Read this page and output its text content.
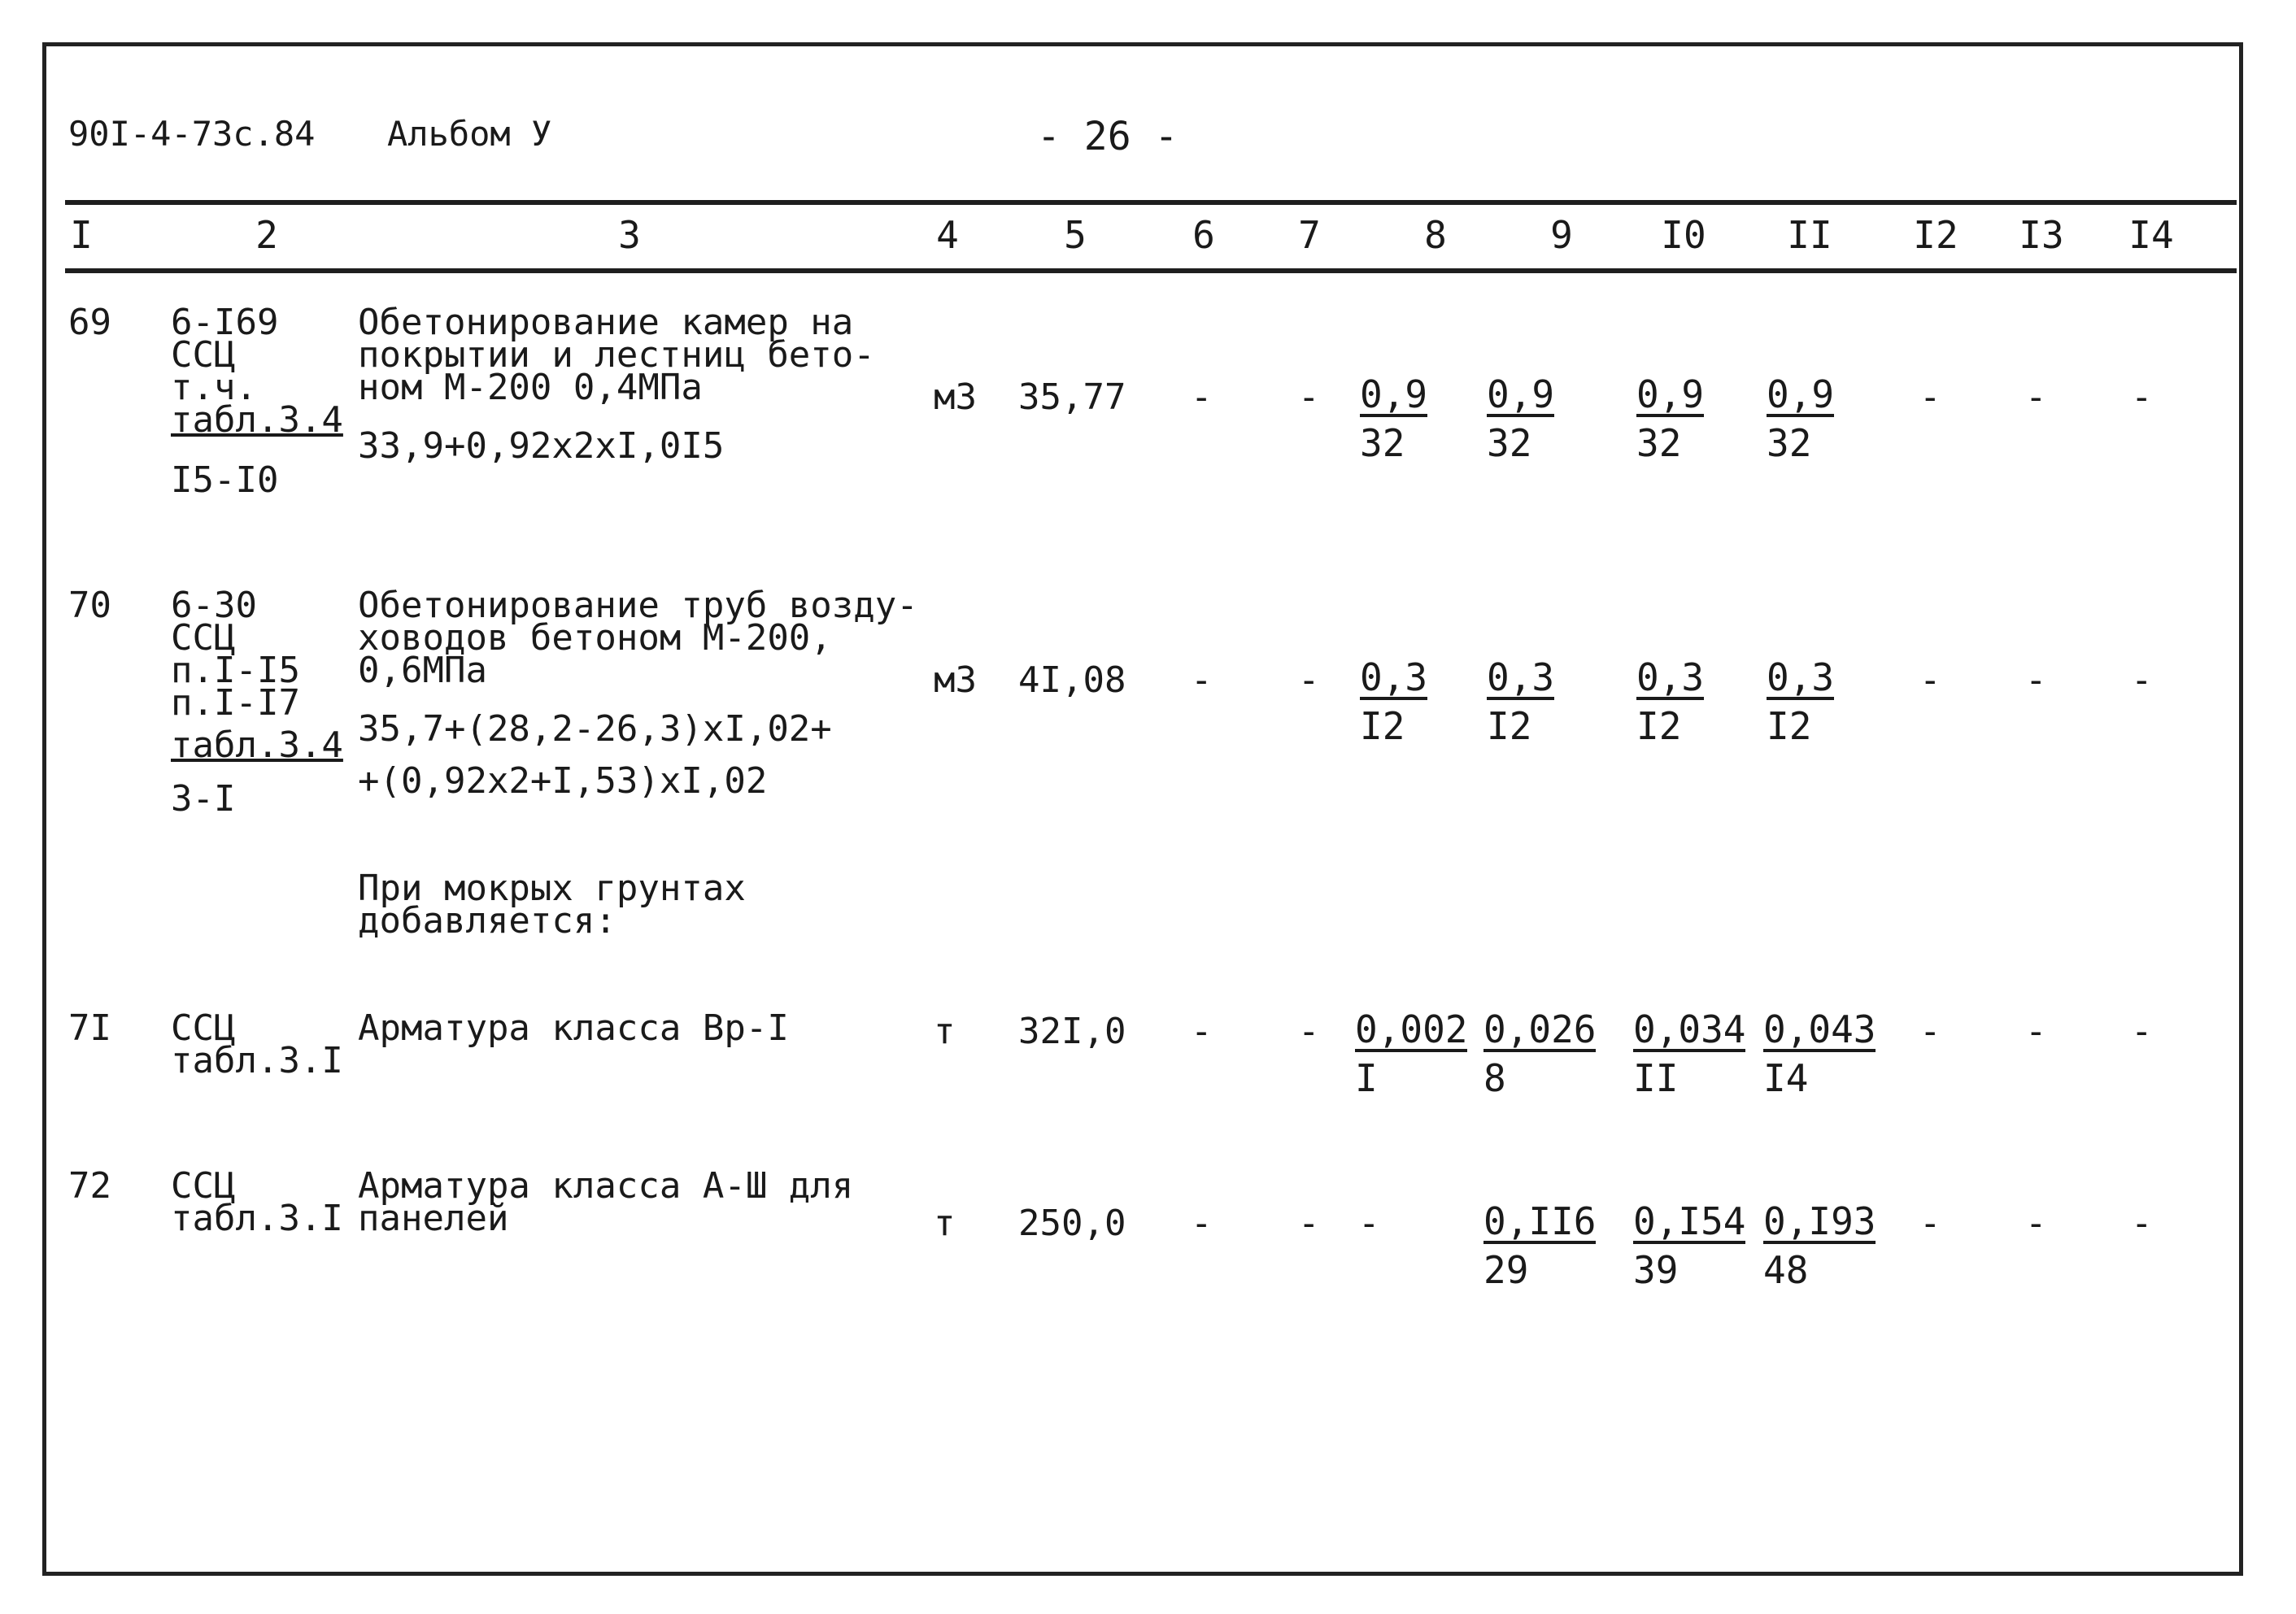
90I-4-7Зс.84 Альбом У	- 26 -
I	2	3	4	5	6	7	8	9	I0	II	I2	I3	I4
69 6-I69
ССЦ
т.ч.
табл.3.4
I5-I0
Обетонирование камер на
покрытии и лестниц бето-
ном М-200 0,4МПа
33,9+0,92х2хI,0I5
м3 35,77 - - $\frac{0,9}{32} \frac{0,9}{32} \frac{0,9}{32} \frac{0,9}{32}$ - - -
70 6-30
ССЦ
п.I-I5
п.I-I7
табл.3.4
3-I
Обетонирование труб возду-
ховодов бетоном М-200,
0,6МПа
35,7+(28,2-26,3)хI,02+
+(0,92х2+I,53)хI,02
м3 4I,08 - - $\frac{0,3}{I2} \frac{0,3}{I2} \frac{0,3}{I2} \frac{0,3}{I2}$ - - -
При мокрых грунтах
добавляется:
7I ССЦ
табл.3.I
Арматура класса Вр-I	т 32I,0 - - $\frac{0,002}{I} \frac{0,026}{8} \frac{0,034}{II} \frac{0,043}{I4}$ - - -
72 ССЦ
табл.3.I
Арматура класса А-Ш для
панелей	т 250,0 - - -	$\frac{0,II6}{29} \frac{0,I54}{39} \frac{0,I93}{48}$ - - -
